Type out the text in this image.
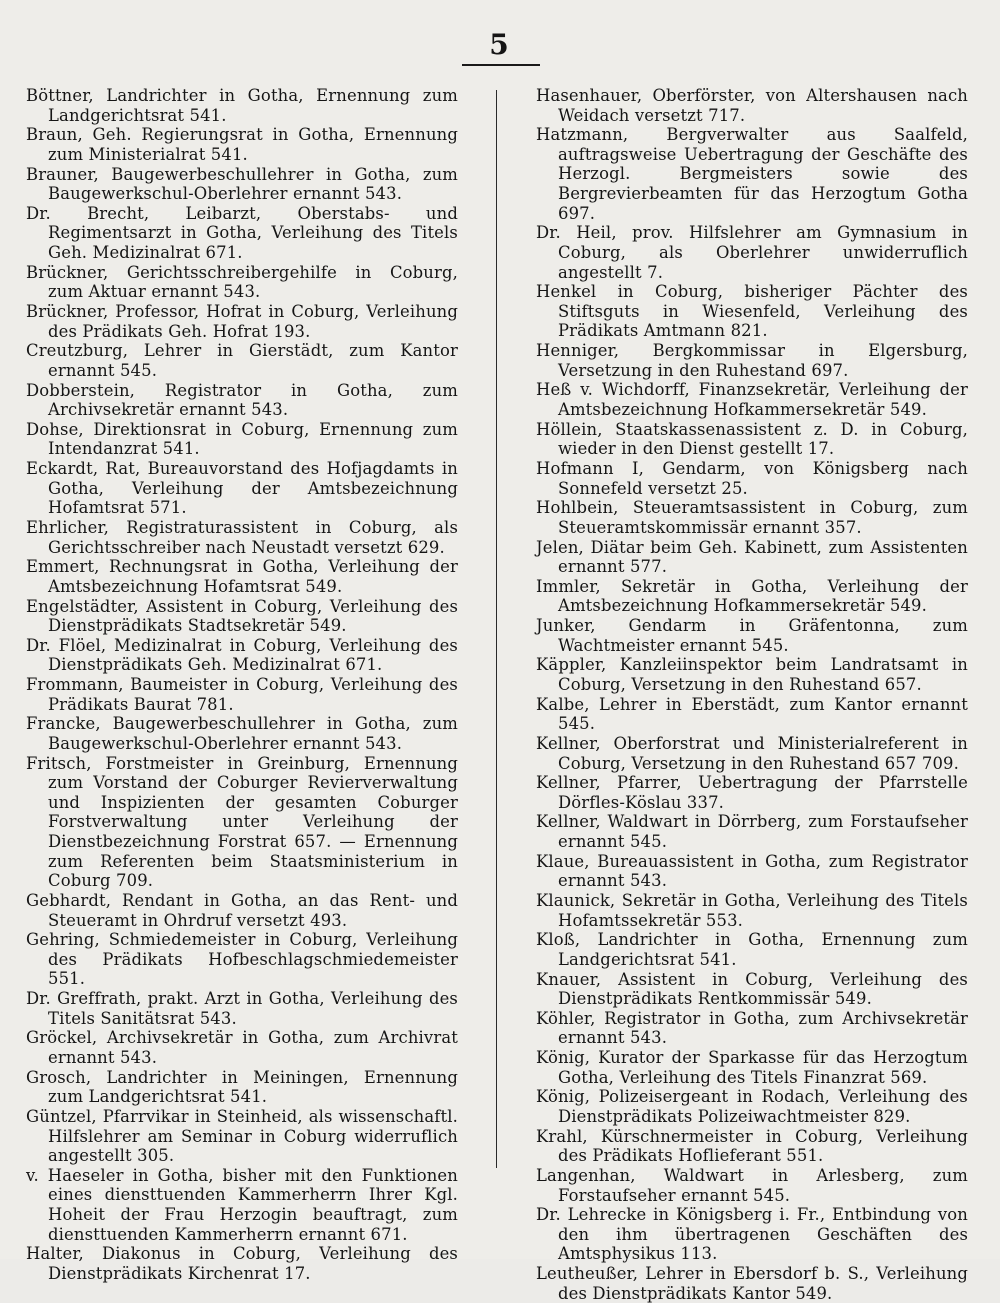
5

Böttner, Landrichter in Gotha, Ernennung zum Landgerichtsrat 541.

Braun, Geh. Regierungsrat in Gotha, Ernennung zum Ministerialrat 541.

Brauner, Baugewerbeschullehrer in Gotha, zum Baugewerkschul-Oberlehrer ernannt 543.

Dr. Brecht, Leibarzt, Oberstabs- und Regimentsarzt in Gotha, Verleihung des Titels Geh. Medizinalrat 671.

Brückner, Gerichtsschreibergehilfe in Coburg, zum Aktuar ernannt 543.

Brückner, Professor, Hofrat in Coburg, Verleihung des Prädikats Geh. Hofrat 193.

Creutzburg, Lehrer in Gierstädt, zum Kantor ernannt 545.

Dobberstein, Registrator in Gotha, zum Archivsekretär ernannt 543.

Dohse, Direktionsrat in Coburg, Ernennung zum Intendanzrat 541.

Eckardt, Rat, Bureauvorstand des Hofjagdamts in Gotha, Verleihung der Amtsbezeichnung Hofamtsrat 571.

Ehrlicher, Registraturassistent in Coburg, als Gerichtsschreiber nach Neustadt versetzt 629.

Emmert, Rechnungsrat in Gotha, Verleihung der Amtsbezeichnung Hofamtsrat 549.

Engelstädter, Assistent in Coburg, Verleihung des Dienstprädikats Stadtsekretär 549.

Dr. Flöel, Medizinalrat in Coburg, Verleihung des Dienstprädikats Geh. Medizinalrat 671.

Frommann, Baumeister in Coburg, Verleihung des Prädikats Baurat 781.

Francke, Baugewerbeschullehrer in Gotha, zum Baugewerkschul-Oberlehrer ernannt 543.

Fritsch, Forstmeister in Greinburg, Ernennung zum Vorstand der Coburger Revierverwaltung und Inspizienten der gesamten Coburger Forstverwaltung unter Verleihung der Dienstbezeichnung Forstrat 657. — Ernennung zum Referenten beim Staatsministerium in Coburg 709.

Gebhardt, Rendant in Gotha, an das Rent- und Steueramt in Ohrdruf versetzt 493.

Gehring, Schmiedemeister in Coburg, Verleihung des Prädikats Hofbeschlagschmiedemeister 551.

Dr. Greffrath, prakt. Arzt in Gotha, Verleihung des Titels Sanitätsrat 543.

Gröckel, Archivsekretär in Gotha, zum Archivrat ernannt 543.

Grosch, Landrichter in Meiningen, Ernennung zum Landgerichtsrat 541.

Güntzel, Pfarrvikar in Steinheid, als wissenschaftl. Hilfslehrer am Seminar in Coburg widerruflich angestellt 305.

v. Haeseler in Gotha, bisher mit den Funktionen eines diensttuenden Kammerherrn Ihrer Kgl. Hoheit der Frau Herzogin beauftragt, zum diensttuenden Kammerherrn ernannt 671.

Halter, Diakonus in Coburg, Verleihung des Dienstprädikats Kirchenrat 17.

Hasenhauer, Oberförster, von Altershausen nach Weidach versetzt 717.

Hatzmann, Bergverwalter aus Saalfeld, auftragsweise Uebertragung der Geschäfte des Herzogl. Bergmeisters sowie des Bergrevierbeamten für das Herzogtum Gotha 697.

Dr. Heil, prov. Hilfslehrer am Gymnasium in Coburg, als Oberlehrer unwiderruflich angestellt 7.

Henkel in Coburg, bisheriger Pächter des Stiftsguts in Wiesenfeld, Verleihung des Prädikats Amtmann 821.

Henniger, Bergkommissar in Elgersburg, Versetzung in den Ruhestand 697.

Heß v. Wichdorff, Finanzsekretär, Verleihung der Amtsbezeichnung Hofkammersekretär 549.

Höllein, Staatskassenassistent z. D. in Coburg, wieder in den Dienst gestellt 17.

Hofmann I, Gendarm, von Königsberg nach Sonnefeld versetzt 25.

Hohlbein, Steueramtsassistent in Coburg, zum Steueramtskommissär ernannt 357.

Jelen, Diätar beim Geh. Kabinett, zum Assistenten ernannt 577.

Immler, Sekretär in Gotha, Verleihung der Amtsbezeichnung Hofkammersekretär 549.

Junker, Gendarm in Gräfentonna, zum Wachtmeister ernannt 545.

Käppler, Kanzleiinspektor beim Landratsamt in Coburg, Versetzung in den Ruhestand 657.

Kalbe, Lehrer in Eberstädt, zum Kantor ernannt 545.

Kellner, Oberforstrat und Ministerialreferent in Coburg, Versetzung in den Ruhestand 657 709.

Kellner, Pfarrer, Uebertragung der Pfarrstelle Dörfles-Köslau 337.

Kellner, Waldwart in Dörrberg, zum Forstaufseher ernannt 545.

Klaue, Bureauassistent in Gotha, zum Registrator ernannt 543.

Klaunick, Sekretär in Gotha, Verleihung des Titels Hofamtssekretär 553.

Kloß, Landrichter in Gotha, Ernennung zum Landgerichtsrat 541.

Knauer, Assistent in Coburg, Verleihung des Dienstprädikats Rentkommissär 549.

Köhler, Registrator in Gotha, zum Archivsekretär ernannt 543.

König, Kurator der Sparkasse für das Herzogtum Gotha, Verleihung des Titels Finanzrat 569.

König, Polizeisergeant in Rodach, Verleihung des Dienstprädikats Polizeiwachtmeister 829.

Krahl, Kürschnermeister in Coburg, Verleihung des Prädikats Hoflieferant 551.

Langenhan, Waldwart in Arlesberg, zum Forstaufseher ernannt 545.

Dr. Lehrecke in Königsberg i. Fr., Entbindung von den ihm übertragenen Geschäften des Amtsphysikus 113.

Leutheußer, Lehrer in Ebersdorf b. S., Verleihung des Dienstprädikats Kantor 549.
